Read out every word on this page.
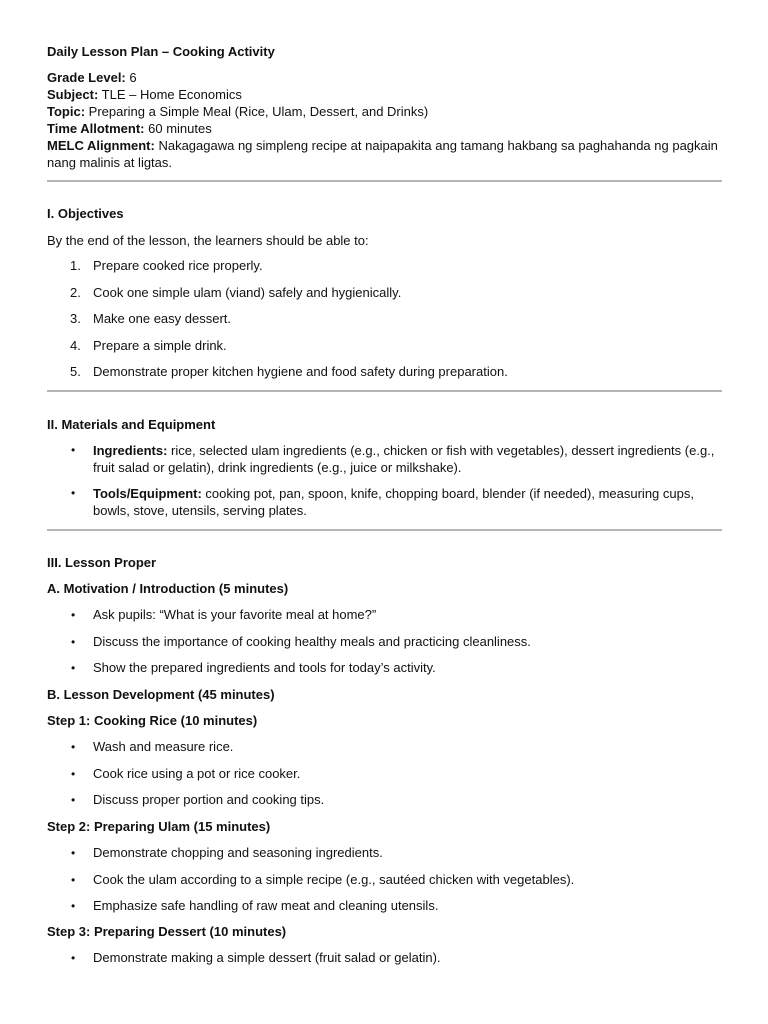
Daily Lesson Plan – Cooking Activity
Grade Level: 6
Subject: TLE – Home Economics
Topic: Preparing a Simple Meal (Rice, Ulam, Dessert, and Drinks)
Time Allotment: 60 minutes
MELC Alignment: Nakagagawa ng simpleng recipe at naipapakita ang tamang hakbang sa paghahanda ng pagkain nang malinis at ligtas.
I. Objectives
By the end of the lesson, the learners should be able to:
1. Prepare cooked rice properly.
2. Cook one simple ulam (viand) safely and hygienically.
3. Make one easy dessert.
4. Prepare a simple drink.
5. Demonstrate proper kitchen hygiene and food safety during preparation.
II. Materials and Equipment
• Ingredients: rice, selected ulam ingredients (e.g., chicken or fish with vegetables), dessert ingredients (e.g., fruit salad or gelatin), drink ingredients (e.g., juice or milkshake).
• Tools/Equipment: cooking pot, pan, spoon, knife, chopping board, blender (if needed), measuring cups, bowls, stove, utensils, serving plates.
III. Lesson Proper
A. Motivation / Introduction (5 minutes)
• Ask pupils: “What is your favorite meal at home?”
• Discuss the importance of cooking healthy meals and practicing cleanliness.
• Show the prepared ingredients and tools for today’s activity.
B. Lesson Development (45 minutes)
Step 1: Cooking Rice (10 minutes)
• Wash and measure rice.
• Cook rice using a pot or rice cooker.
• Discuss proper portion and cooking tips.
Step 2: Preparing Ulam (15 minutes)
• Demonstrate chopping and seasoning ingredients.
• Cook the ulam according to a simple recipe (e.g., sautéed chicken with vegetables).
• Emphasize safe handling of raw meat and cleaning utensils.
Step 3: Preparing Dessert (10 minutes)
• Demonstrate making a simple dessert (fruit salad or gelatin).
